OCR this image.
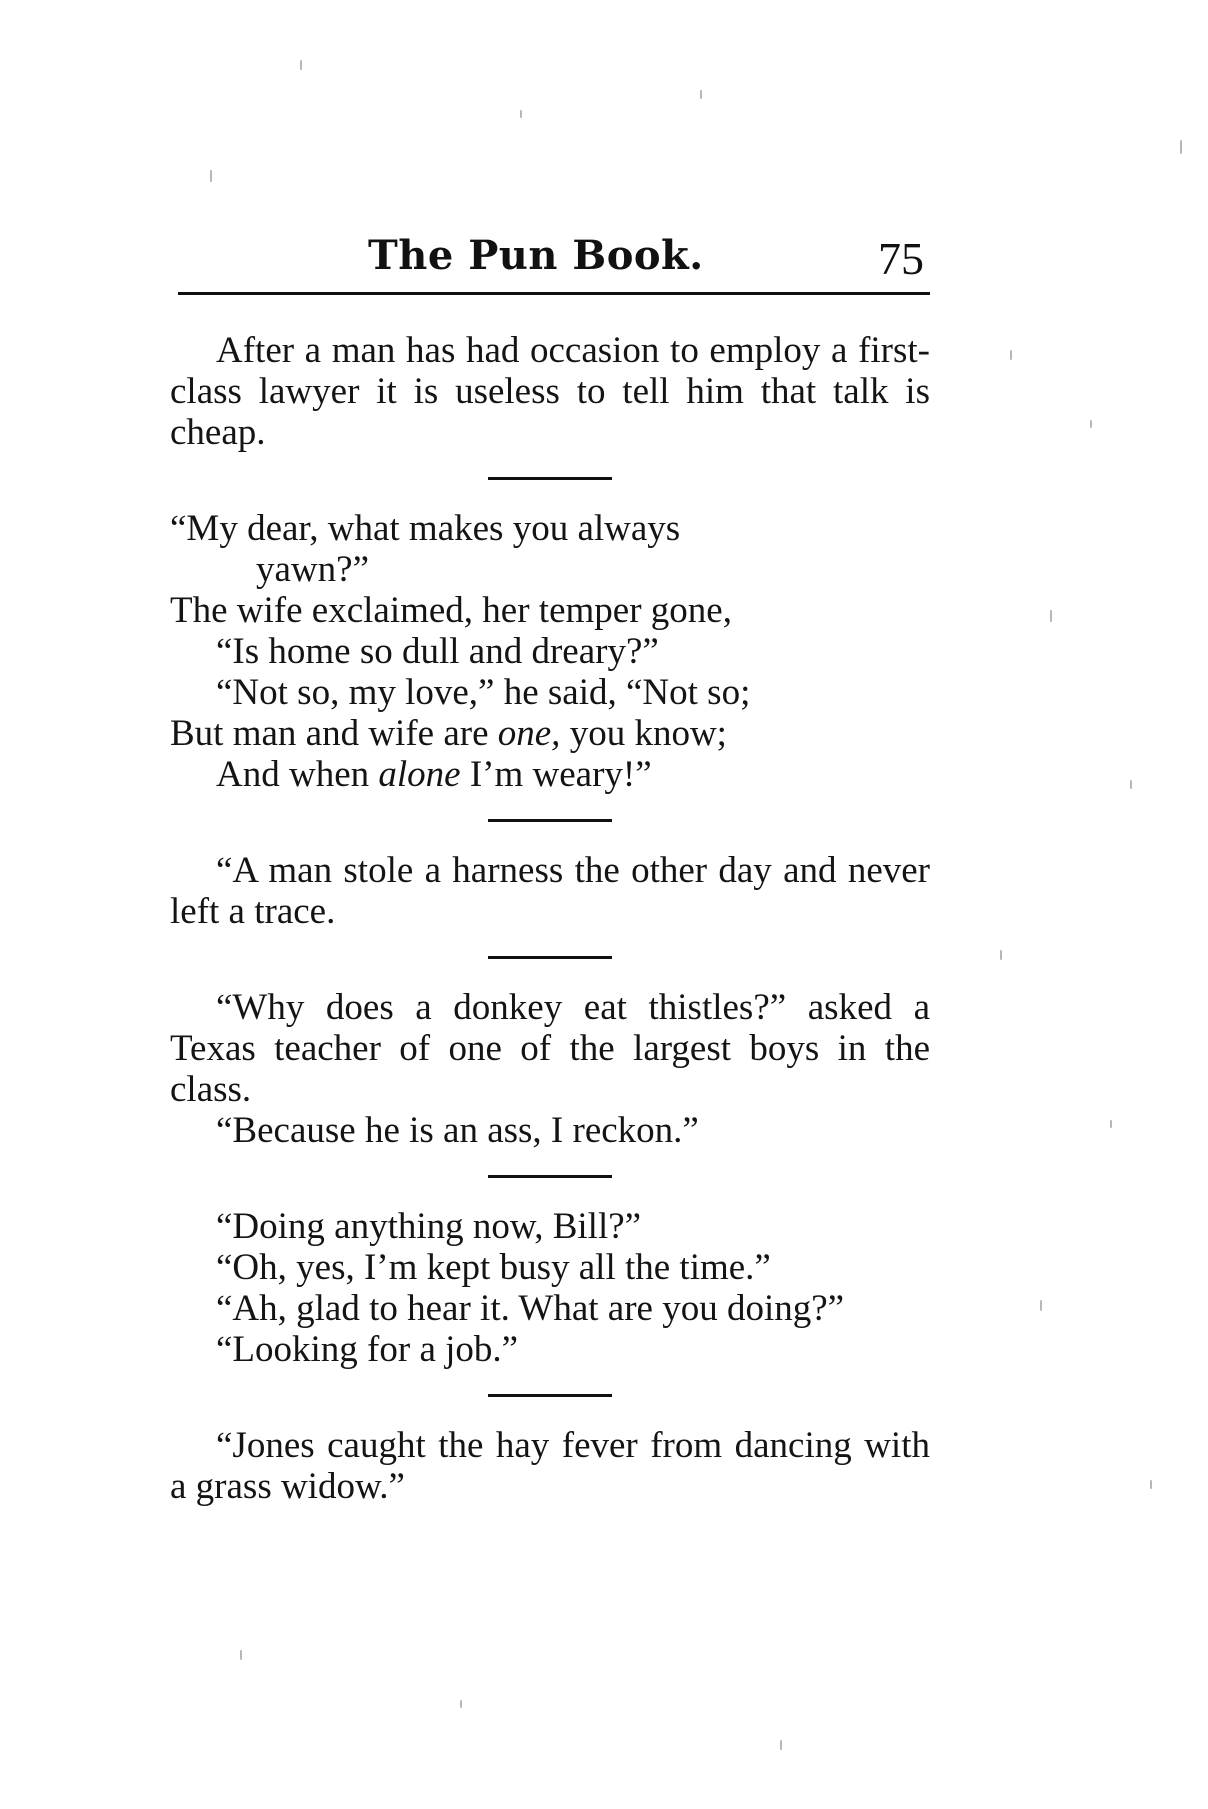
The Pun Book.	75

After a man has had occasion to employ a first-class lawyer it is useless to tell him that talk is cheap.

“My dear, what makes you always
yawn?”
The wife exclaimed, her temper gone,
“Is home so dull and dreary?”
“Not so, my love,” he said, “Not so;
But man and wife are one, you know;
And when alone I’m weary!”

“A man stole a harness the other day and never left a trace.

“Why does a donkey eat thistles?” asked a Texas teacher of one of the largest boys in the class.

“Because he is an ass, I reckon.”

“Doing anything now, Bill?”

“Oh, yes, I’m kept busy all the time.”

“Ah, glad to hear it. What are you doing?”

“Looking for a job.”

“Jones caught the hay fever from dancing with a grass widow.”
